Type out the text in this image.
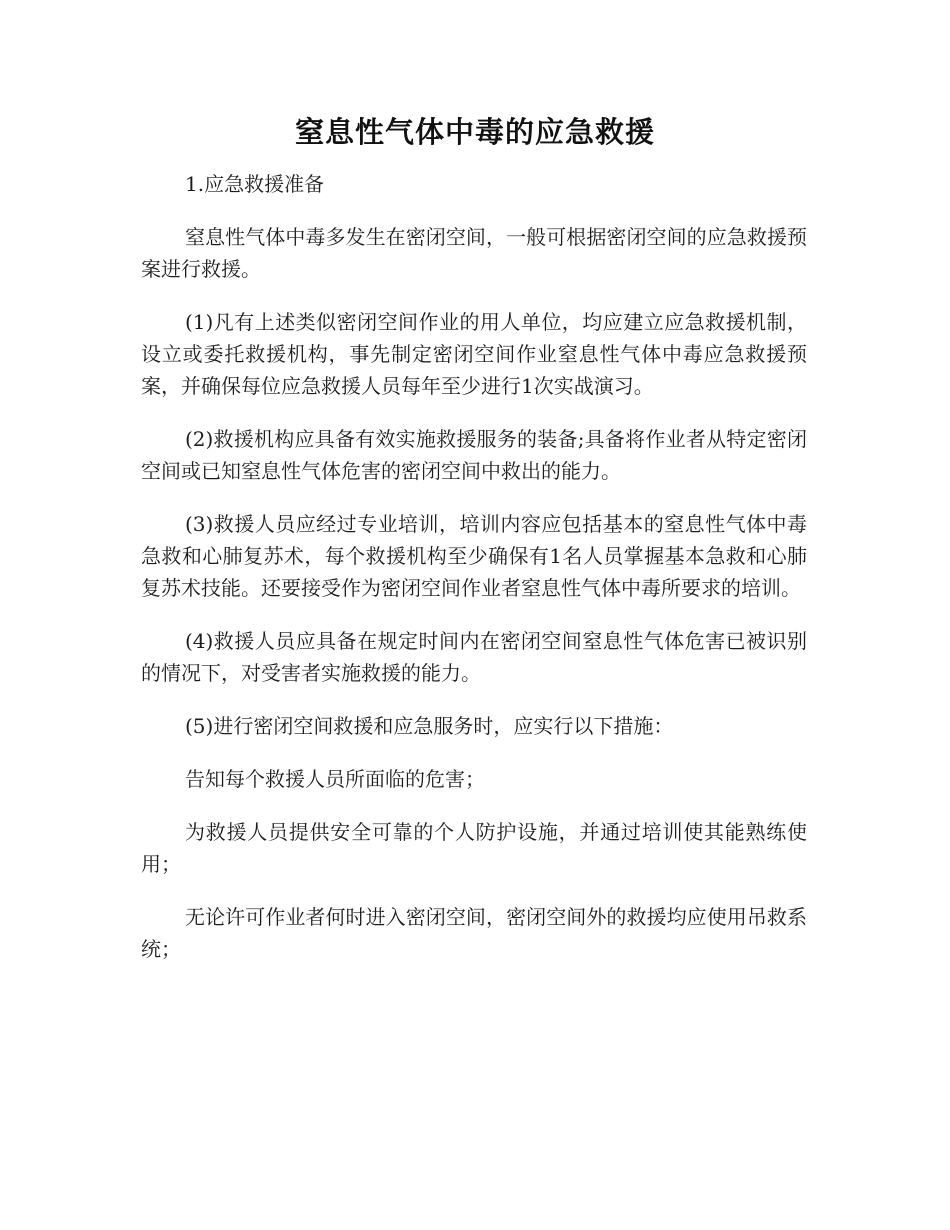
窒息性气体中毒的应急救援

1.应急救援准备

窒息性气体中毒多发生在密闭空间，一般可根据密闭空间的应急救援预案进行救援。

(1)凡有上述类似密闭空间作业的用人单位，均应建立应急救援机制，设立或委托救援机构，事先制定密闭空间作业窒息性气体中毒应急救援预案，并确保每位应急救援人员每年至少进行1次实战演习。

(2)救援机构应具备有效实施救援服务的装备;具备将作业者从特定密闭空间或已知窒息性气体危害的密闭空间中救出的能力。

(3)救援人员应经过专业培训，培训内容应包括基本的窒息性气体中毒急救和心肺复苏术，每个救援机构至少确保有1名人员掌握基本急救和心肺复苏术技能。还要接受作为密闭空间作业者窒息性气体中毒所要求的培训。

(4)救援人员应具备在规定时间内在密闭空间窒息性气体危害已被识别的情况下，对受害者实施救援的能力。

(5)进行密闭空间救援和应急服务时，应实行以下措施：

告知每个救援人员所面临的危害；

为救援人员提供安全可靠的个人防护设施，并通过培训使其能熟练使用；

无论许可作业者何时进入密闭空间，密闭空间外的救援均应使用吊救系统；
